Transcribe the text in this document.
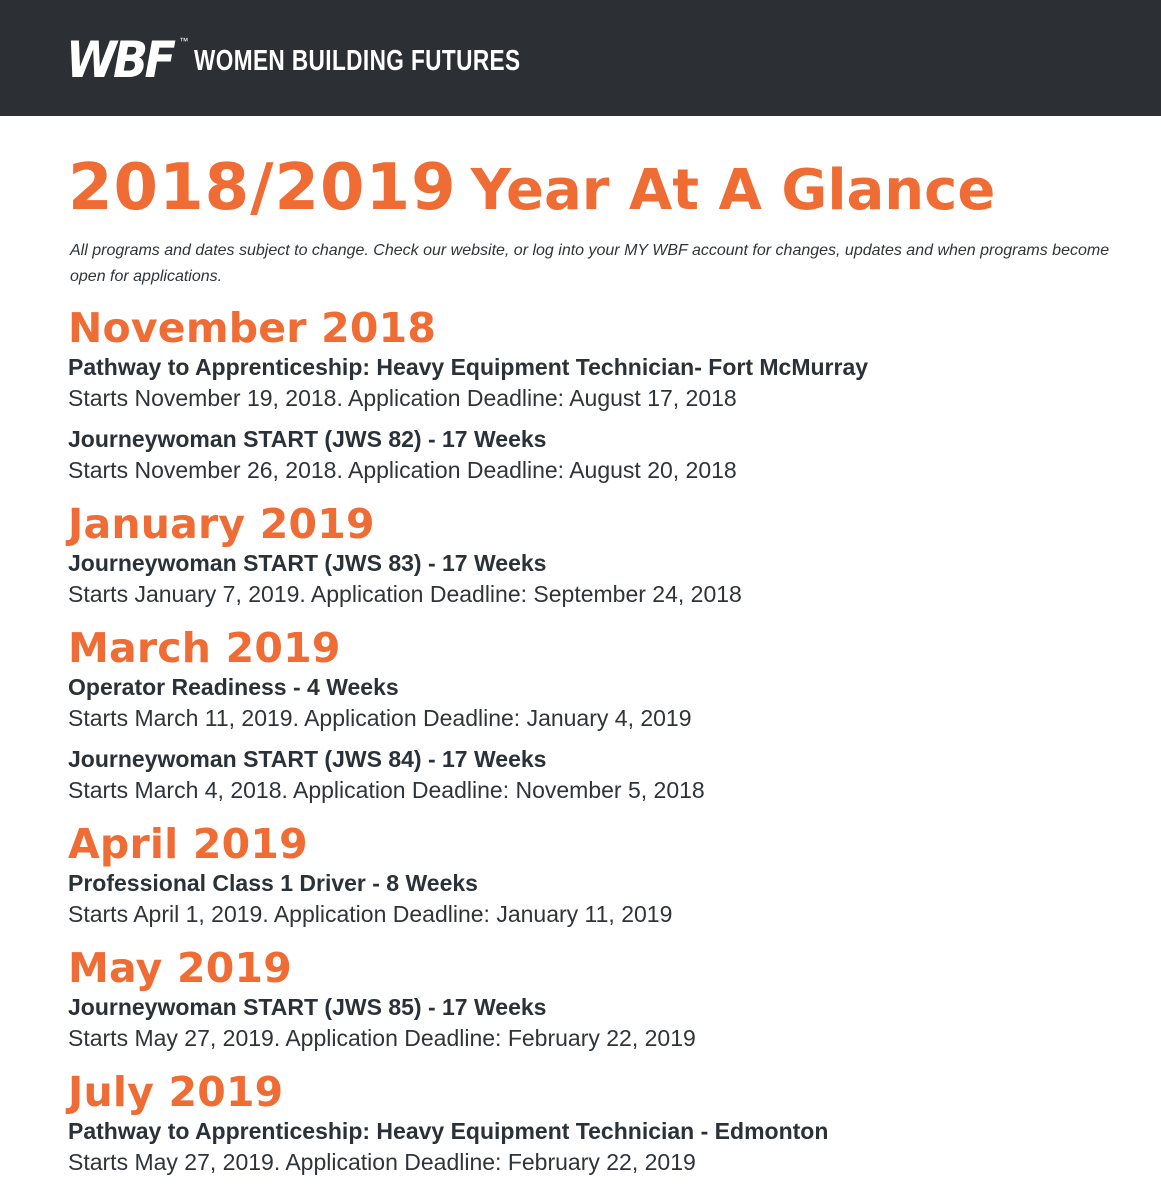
WBF ™
WOMEN BUILDING FUTURES
2018/2019 Year At A Glance
All programs and dates subject to change. Check our website, or log into your MY WBF account for changes, updates and when programs become open for applications.
November 2018
Pathway to Apprenticeship: Heavy Equipment Technician- Fort McMurray
Starts November 19, 2018. Application Deadline: August 17, 2018
Journeywoman START (JWS 82) - 17 Weeks
Starts November 26, 2018. Application Deadline: August 20, 2018
January 2019
Journeywoman START (JWS 83) - 17 Weeks
Starts January 7, 2019. Application Deadline: September 24, 2018
March 2019
Operator Readiness - 4 Weeks
Starts March 11, 2019. Application Deadline: January 4, 2019
Journeywoman START (JWS 84) - 17 Weeks
Starts March 4, 2018. Application Deadline: November 5, 2018
April 2019
Professional Class 1 Driver - 8 Weeks
Starts April 1, 2019. Application Deadline: January 11, 2019
May 2019
Journeywoman START (JWS 85) - 17 Weeks
Starts May 27, 2019. Application Deadline: February 22, 2019
July 2019
Pathway to Apprenticeship: Heavy Equipment Technician - Edmonton
Starts May 27, 2019. Application Deadline: February 22, 2019
